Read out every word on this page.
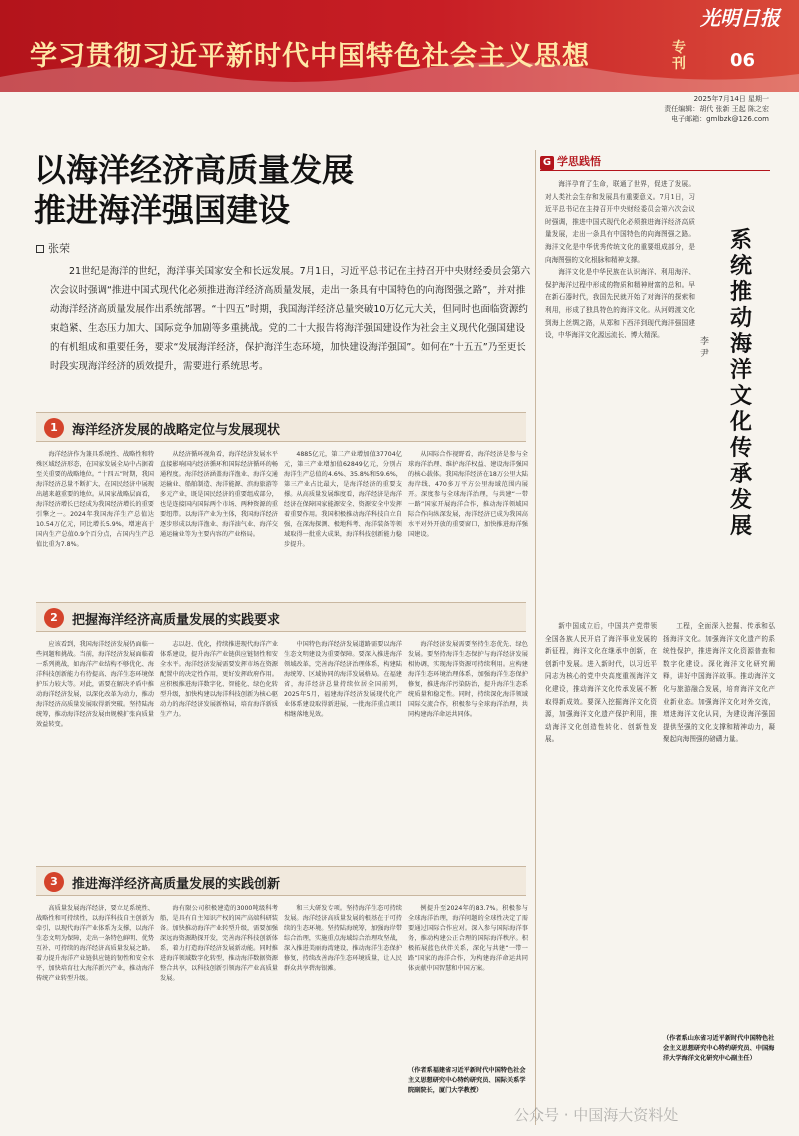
学习贯彻习近平新时代中国特色社会主义思想	专刊
光明日报
06
2025年7月14日 星期一
责任编辑：胡代 张新 王起 陈之宏
电子邮箱：gmlbzk@126.com
以海洋经济高质量发展
推进海洋强国建设
张荣
21世纪是海洋的世纪，海洋事关国家安全和长远发展。7月1日，习近平总书记在主持召开中央财经委员会第六次会议时强调“推进中国式现代化必须推进海洋经济高质量发展，走出一条具有中国特色的向海图强之路”，并对推动海洋经济高质量发展作出系统部署。“十四五”时期，我国海洋经济总量突破10万亿元大关，但同时也面临资源约束趋紧、生态压力加大、国际竞争加剧等多重挑战。党的二十大报告将海洋强国建设作为社会主义现代化强国建设的有机组成和重要任务，要求“发展海洋经济，保护海洋生态环境，加快建设海洋强国”。如何在“十五五”乃至更长时段实现海洋经济的质效提升，需要进行系统思考。
1	海洋经济发展的战略定位与发展现状

海洋经济作为兼具系统性、战略性和特殊区域经济形态，在国家发展全局中占据着至关重要的战略地位。“十四五”时期，我国海洋经济总量不断扩大，在国民经济中展现出越来越重要的地位。从国家战略层面看，海洋经济增长已经成为我国经济增长的重要引擎之一。2024年我国海洋生产总值达10.54万亿元，同比增长5.9%，增速高于国内生产总值0.9个百分点，占国内生产总值比重为7.8%。

从经济循环视角看，海洋经济发展水平直接影响国内经济循环和国际经济循环的畅通程度。海洋经济涵盖海洋渔业、海洋交通运输业、船舶制造、海洋能源、滨海旅游等多元产业，既是国民经济的重要组成部分，也是连接国内国际两个市场、两种资源的重要纽带。以海洋产业为主体，我国海洋经济逐步形成以海洋渔业、海洋油气业、海洋交通运输业等为主要内容的产业格局。

4885亿元，第二产业增加值37704亿元，第三产业增加值62849亿元，分别占海洋生产总值的4.6%、35.8%和59.6%，第三产业占比最大，是海洋经济的重要支撑。从高质量发展维度看，海洋经济是海洋经济在保障国家能源安全、资源安全中发挥着重要作用。我国积极推动海洋科技自立自强，在深海探测、极地科考、海洋装备等领域取得一批重大成果，海洋科技创新能力稳步提升。

从国际合作视野看，海洋经济是参与全球海洋治理、维护海洋权益、建设海洋强国的核心载体。我国海洋经济在18万公里大陆海岸线、470多万平方公里海域范围内展开。深度参与全球海洋治理，与共建“一带一路”国家开展海洋合作，推动海洋领域国际合作向纵深发展，海洋经济已成为我国高水平对外开放的重要窗口，加快推进海洋强国建设。

2	把握海洋经济高质量发展的实践要求

应该看到，我国海洋经济发展仍面临一些问题和挑战。当前，海洋经济发展面临着一系列挑战，如海洋产业结构不够优化、海洋科技创新能力有待提高、海洋生态环境保护压力较大等。对此，需要在解决矛盾中推动海洋经济发展，以深化改革为动力，推动海洋经济高质量发展取得新突破。坚持陆海统筹，推动海洋经济发展由规模扩张向质量效益转变。

志以赶、优化，持续推进现代海洋产业体系建设，提升海洋产业链供应链韧性和安全水平。海洋经济发展需要发挥市场在资源配置中的决定性作用，更好发挥政府作用。应积极推进海洋数字化、智能化、绿色化转型升级，加快构建以海洋科技创新为核心驱动力的海洋经济发展新格局，培育海洋新质生产力。

中国特色海洋经济发展道路需要以海洋生态文明建设为重要保障。要深入推进海洋领域改革，完善海洋经济治理体系，构建陆海统筹、区域协同的海洋发展格局。在福建省，海洋经济总量持续位居全国前列，2025年5月，福建海洋经济发展现代化产业体系建设取得新进展，一批海洋重点项目相继落地见效。

海洋经济发展需要坚持生态优先、绿色发展。要坚持海洋生态保护与海洋经济发展相协调，实现海洋资源可持续利用。应构建海洋生态环境治理体系，加强海洋生态保护修复，推进海洋污染防治，提升海洋生态系统质量和稳定性。同时，持续深化海洋领域国际交流合作，积极参与全球海洋治理，共同构建海洋命运共同体。

3	推进海洋经济高质量发展的实践创新

高质量发展海洋经济，要立足系统性、战略性和可持续性，以海洋科技自主创新为牵引，以现代海洋产业体系为支撑，以海洋生态文明为保障，走出一条特色鲜明、优势互补、可持续的海洋经济高质量发展之路。着力提升海洋产业链供应链的韧性和安全水平，加快培育壮大海洋新兴产业，推动海洋传统产业转型升级。

海有限公司积极建造的3000吨级科考船，是具有自主知识产权的国产高端科研装备。加快推动海洋产业转型升级，需要加强深远海资源勘探开发，完善海洋科技创新体系，着力打造海洋经济发展新动能。同时推进海洋领域数字化转型，推动海洋数据资源整合共享，以科技创新引领海洋产业高质量发展。

和三大研发专项。坚持海洋生态可持续发展。海洋经济高质量发展的根基在于可持续的生态环境。坚持陆海统筹，加强海岸带综合治理，实施重点海域综合治理攻坚战，深入推进美丽海湾建设，推动海洋生态保护修复，持续改善海洋生态环境质量，让人民群众共享碧海银滩。

例提升至2024年的83.7%。积极参与全球海洋治理，海洋问题的全球性决定了需要通过国际合作应对。深入参与国际海洋事务，推动构建公正合理的国际海洋秩序。积极拓展蓝色伙伴关系，深化与共建“一带一路”国家的海洋合作，为构建海洋命运共同体贡献中国智慧和中国方案。

（作者系福建省习近平新时代中国特色社会主义思想研究中心特约研究员、国际关系学院副院长，厦门大学教授）
G 学思践悟

海洋孕育了生命，联通了世界，促进了发展。对人类社会生存和发展具有重要意义。7月1日，习近平总书记在主持召开中央财经委员会第六次会议时强调，推进中国式现代化必须推进海洋经济高质量发展，走出一条具有中国特色的向海图强之路。海洋文化是中华优秀传统文化的重要组成部分，是向海图强的文化根脉和精神支撑。

海洋文化是中华民族在认识海洋、利用海洋、保护海洋过程中形成的物质和精神财富的总和。早在新石器时代，我国先民就开始了对海洋的探索和利用，形成了独具特色的海洋文化。从河姆渡文化到海上丝绸之路，从郑和下西洋到现代海洋强国建设，中华海洋文化源远流长、博大精深。

系统推动海洋文化传承发展
李尹

新中国成立后，中国共产党带领全国各族人民开启了海洋事业发展的新征程，海洋文化在继承中创新，在创新中发展。进入新时代，以习近平同志为核心的党中央高度重视海洋文化建设，推动海洋文化传承发展不断取得新成效。要深入挖掘海洋文化资源，加强海洋文化遗产保护利用，推动海洋文化创造性转化、创新性发展。

工程，全面深入挖掘、传承和弘扬海洋文化。加强海洋文化遗产的系统性保护，推进海洋文化资源普查和数字化建设。深化海洋文化研究阐释，讲好中国海洋故事。推动海洋文化与旅游融合发展，培育海洋文化产业新业态。加强海洋文化对外交流，增进海洋文化认同，为建设海洋强国提供坚强的文化支撑和精神动力，凝聚起向海图强的磅礴力量。

（作者系山东省习近平新时代中国特色社会主义思想研究中心特约研究员、中国海洋大学海洋文化研究中心副主任）
公众号 · 中国海大资料处
